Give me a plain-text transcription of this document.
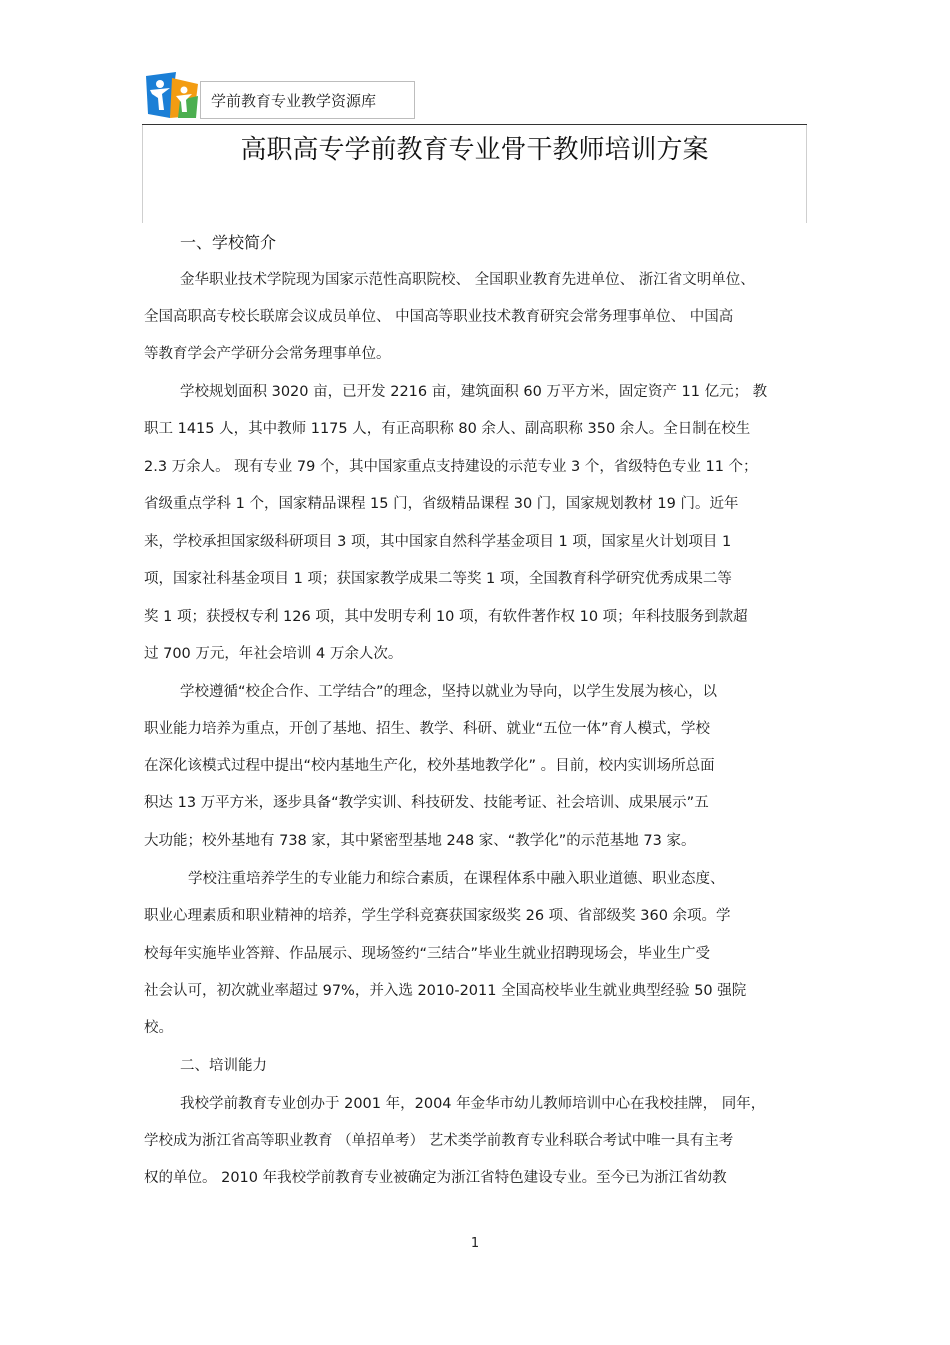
学前教育专业教学资源库
高职高专学前教育专业骨干教师培训方案
一、学校简介
金华职业技术学院现为国家示范性高职院校、 全国职业教育先进单位、 浙江省文明单位、
全国高职高专校长联席会议成员单位、 中国高等职业技术教育研究会常务理事单位、 中国高
等教育学会产学研分会常务理事单位。
学校规划面积 3020 亩，已开发 2216 亩，建筑面积 60 万平方米，固定资产 11 亿元； 教
职工 1415 人，其中教师 1175 人，有正高职称 80 余人、副高职称 350 余人。全日制在校生
2.3 万余人。 现有专业 79 个，其中国家重点支持建设的示范专业 3 个，省级特色专业 11 个；
省级重点学科 1 个，国家精品课程 15 门，省级精品课程 30 门，国家规划教材 19 门。近年
来，学校承担国家级科研项目 3 项，其中国家自然科学基金项目 1 项，国家星火计划项目 1
项，国家社科基金项目 1 项；获国家教学成果二等奖 1 项，全国教育科学研究优秀成果二等
奖 1 项；获授权专利 126 项，其中发明专利 10 项，有软件著作权 10 项；年科技服务到款超
过 700 万元，年社会培训 4 万余人次。
学校遵循“校企合作、工学结合”的理念，坚持以就业为导向，以学生发展为核心，以
职业能力培养为重点，开创了基地、招生、教学、科研、就业“五位一体”育人模式，学校
在深化该模式过程中提出“校内基地生产化，校外基地教学化” 。目前，校内实训场所总面
积达 13 万平方米，逐步具备“教学实训、科技研发、技能考证、社会培训、成果展示”五
大功能；校外基地有 738 家，其中紧密型基地 248 家、“教学化”的示范基地 73 家。
学校注重培养学生的专业能力和综合素质，在课程体系中融入职业道德、职业态度、
职业心理素质和职业精神的培养，学生学科竞赛获国家级奖 26 项、省部级奖 360 余项。学
校每年实施毕业答辩、作品展示、现场签约“三结合”毕业生就业招聘现场会，毕业生广受
社会认可，初次就业率超过 97%，并入选 2010-2011 全国高校毕业生就业典型经验 50 强院
校。
二、培训能力
我校学前教育专业创办于 2001 年，2004 年金华市幼儿教师培训中心在我校挂牌， 同年，
学校成为浙江省高等职业教育 （单招单考） 艺术类学前教育专业科联合考试中唯一具有主考
权的单位。 2010 年我校学前教育专业被确定为浙江省特色建设专业。至今已为浙江省幼教
1
